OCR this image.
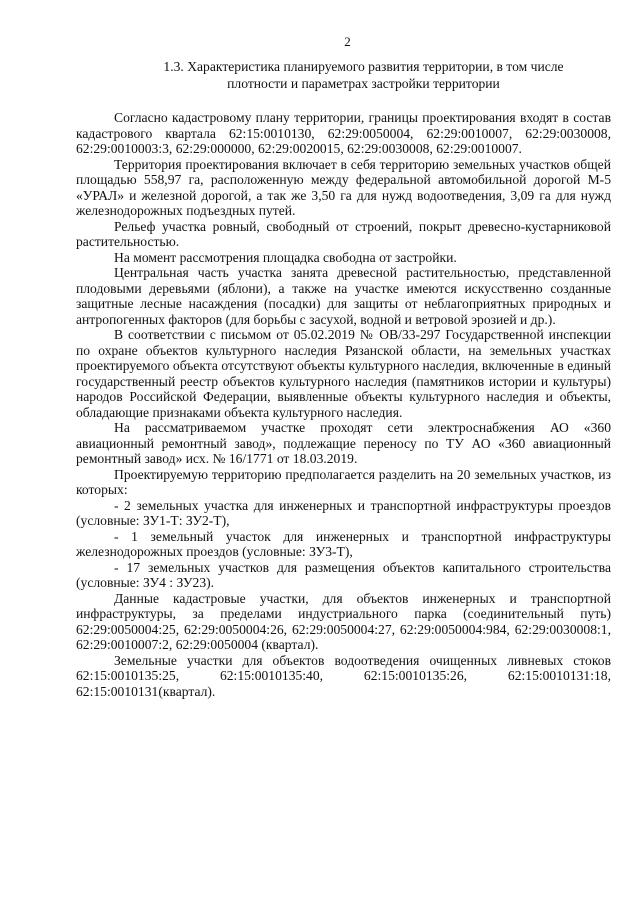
2
1.3. Характеристика планируемого развития территории, в том числе
плотности и параметрах застройки территории

Согласно кадастровому плану территории, границы проектирования входят в состав кадастрового квартала 62:15:0010130, 62:29:0050004, 62:29:0010007, 62:29:0030008, 62:29:0010003:3, 62:29:000000, 62:29:0020015, 62:29:0030008, 62:29:0010007.

Территория проектирования включает в себя территорию земельных участков общей площадью 558,97 га, расположенную между федеральной автомобильной дорогой М-5 «УРАЛ» и железной дорогой, а так же 3,50 га для нужд водоотведения, 3,09 га для нужд железнодорожных подъездных путей.

Рельеф участка ровный, свободный от строений, покрыт древесно-кустарниковой растительностью.

На момент рассмотрения площадка свободна от застройки.

Центральная часть участка занята древесной растительностью, представленной плодовыми деревьями (яблони), а также на участке имеются искусственно созданные защитные лесные насаждения (посадки) для защиты от неблагоприятных природных и антропогенных факторов (для борьбы с засухой, водной и ветровой эрозией и др.).

В соответствии с письмом от 05.02.2019 № ОВ/33-297 Государственной инспекции по охране объектов культурного наследия Рязанской области, на земельных участках проектируемого объекта отсутствуют объекты культурного наследия, включенные в единый государственный реестр объектов культурного наследия (памятников истории и культуры) народов Российской Федерации, выявленные объекты культурного наследия и объекты, обладающие признаками объекта культурного наследия.

На рассматриваемом участке проходят сети электроснабжения АО «360 авиационный ремонтный завод», подлежащие переносу по ТУ АО «360 авиационный ремонтный завод» исх. № 16/1771 от 18.03.2019.

Проектируемую территорию предполагается разделить на 20 земельных участков, из которых:

- 2 земельных участка для инженерных и транспортной инфраструктуры проездов (условные: ЗУ1-Т: ЗУ2-Т),

- 1 земельный участок для инженерных и транспортной инфраструктуры железнодорожных проездов (условные: ЗУ3-Т),

- 17 земельных участков для размещения объектов капитального строительства (условные: ЗУ4 : ЗУ23).

Данные кадастровые участки, для объектов инженерных и транспортной инфраструктуры, за пределами индустриального парка (соединительный путь) 62:29:0050004:25, 62:29:0050004:26, 62:29:0050004:27, 62:29:0050004:984, 62:29:0030008:1, 62:29:0010007:2, 62:29:0050004 (квартал).

Земельные участки для объектов водоотведения очищенных ливневых стоков 62:15:0010135:25, 62:15:0010135:40, 62:15:0010135:26, 62:15:0010131:18, 62:15:0010131(квартал).
